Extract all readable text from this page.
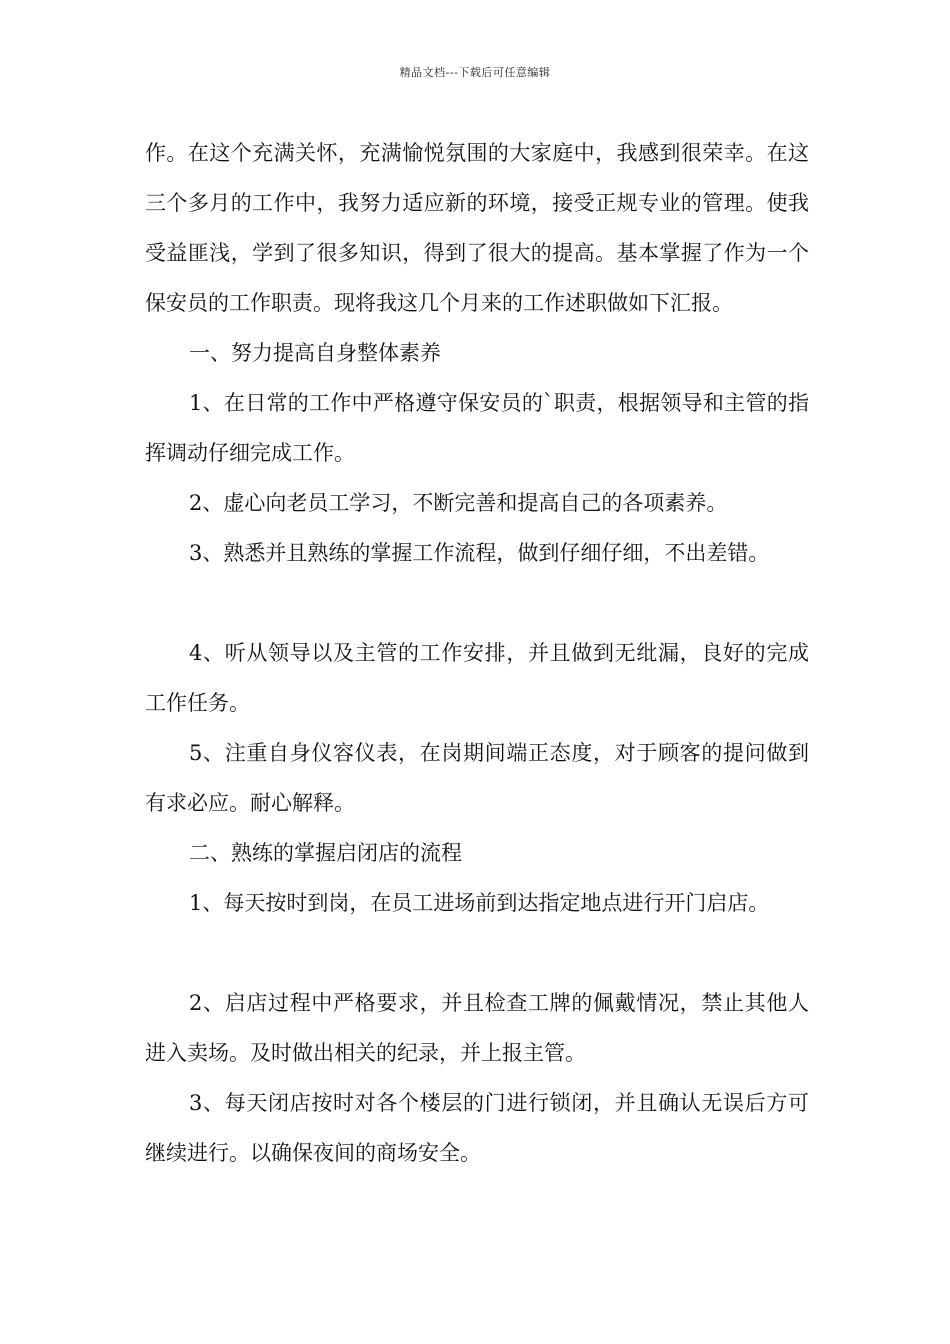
精品文档---下载后可任意编辑

作。在这个充满关怀，充满愉悦氛围的大家庭中，我感到很荣幸。在这三个多月的工作中，我努力适应新的环境，接受正规专业的管理。使我受益匪浅，学到了很多知识，得到了很大的提高。基本掌握了作为一个保安员的工作职责。现将我这几个月来的工作述职做如下汇报。

一、努力提高自身整体素养

1、在日常的工作中严格遵守保安员的`职责，根据领导和主管的指挥调动仔细完成工作。

2、虚心向老员工学习，不断完善和提高自己的各项素养。

3、熟悉并且熟练的掌握工作流程，做到仔细仔细，不出差错。

4、听从领导以及主管的工作安排，并且做到无纰漏，良好的完成工作任务。

5、注重自身仪容仪表，在岗期间端正态度，对于顾客的提问做到有求必应。耐心解释。

二、熟练的掌握启闭店的流程

1、每天按时到岗，在员工进场前到达指定地点进行开门启店。

2、启店过程中严格要求，并且检查工牌的佩戴情况，禁止其他人进入卖场。及时做出相关的纪录，并上报主管。

3、每天闭店按时对各个楼层的门进行锁闭，并且确认无误后方可继续进行。以确保夜间的商场安全。
